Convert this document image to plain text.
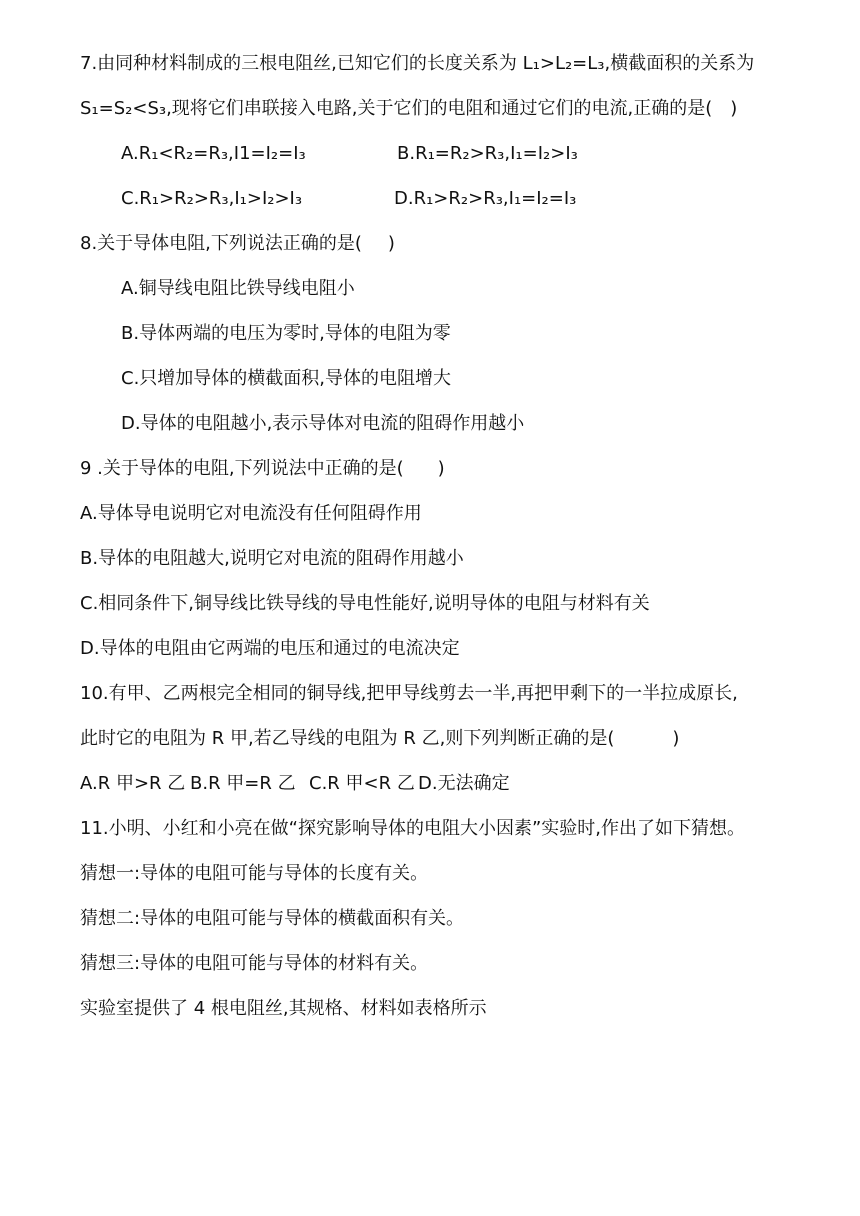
7.由同种材料制成的三根电阻丝,已知它们的长度关系为 L₁>L₂=L₃,横截面积的关系为
S₁=S₂<S₃,现将它们串联接入电路,关于它们的电阻和通过它们的电流,正确的是( )
A.R₁<R₂=R₃,I1=I₂=I₃	B.R₁=R₂>R₃,I₁=I₂>I₃
C.R₁>R₂>R₃,I₁>I₂>I₃	D.R₁>R₂>R₃,I₁=I₂=I₃
8.关于导体电阻,下列说法正确的是( )
A.铜导线电阻比铁导线电阻小
B.导体两端的电压为零时,导体的电阻为零
C.只增加导体的横截面积,导体的电阻增大
D.导体的电阻越小,表示导体对电流的阻碍作用越小
9 .关于导体的电阻,下列说法中正确的是( )
A.导体导电说明它对电流没有任何阻碍作用
B.导体的电阻越大,说明它对电流的阻碍作用越小
C.相同条件下,铜导线比铁导线的导电性能好,说明导体的电阻与材料有关
D.导体的电阻由它两端的电压和通过的电流决定
10.有甲、乙两根完全相同的铜导线,把甲导线剪去一半,再把甲剩下的一半拉成原长,
此时它的电阻为 R 甲,若乙导线的电阻为 R 乙,则下列判断正确的是(	)
A.R 甲>R 乙 B.R 甲=R 乙 C.R 甲<R 乙 D.无法确定
11.小明、小红和小亮在做“探究影响导体的电阻大小因素”实验时,作出了如下猜想。
猜想一:导体的电阻可能与导体的长度有关。
猜想二:导体的电阻可能与导体的横截面积有关。
猜想三:导体的电阻可能与导体的材料有关。
实验室提供了 4 根电阻丝,其规格、材料如表格所示
